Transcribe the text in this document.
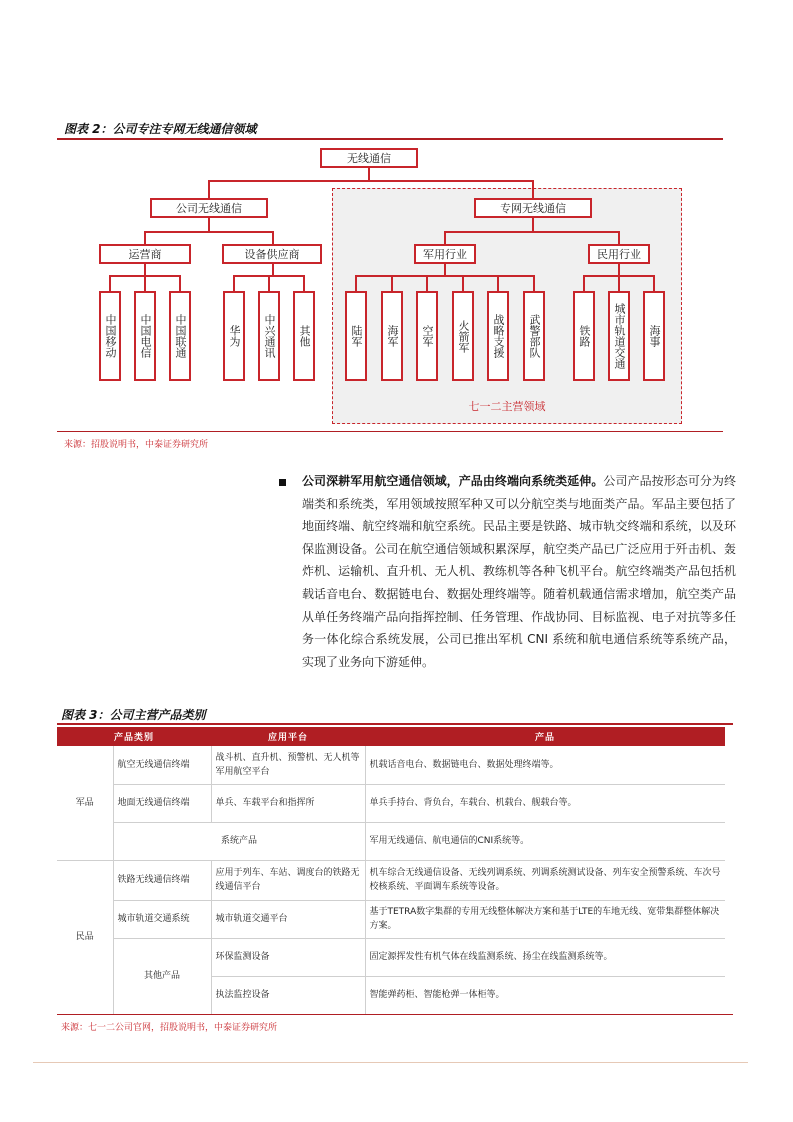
图表 2：公司专注专网无线通信领域
七一二主营领域
无线通信
公司无线通信	专网无线通信
运营商	设备供应商	军用行业	民用行业
中国移动	中国电信	中国联通	华为	中兴通讯	其他	陆军	海军	空军	火箭军	战略支援	武警部队	铁路	城市轨道交通	海事
来源：招股说明书，中泰证券研究所
公司深耕军用航空通信领域，产品由终端向系统类延伸。公司产品按形态可分为终端类和系统类，军用领域按照军种又可以分航空类与地面类产品。军品主要包括了地面终端、航空终端和航空系统。民品主要是铁路、城市轨交终端和系统，以及环保监测设备。公司在航空通信领域积累深厚，航空类产品已广泛应用于歼击机、轰炸机、运输机、直升机、无人机、教练机等各种飞机平台。航空终端类产品包括机载话音电台、数据链电台、数据处理终端等。随着机载通信需求增加，航空类产品从单任务终端产品向指挥控制、任务管理、作战协同、目标监视、电子对抗等多任务一体化综合系统发展，公司已推出军机 CNI 系统和航电通信系统等系统产品，实现了业务向下游延伸。
图表 3：公司主营产品类别
产品类别		应用平台	产品
军品	航空无线通信终端	战斗机、直升机、预警机、无人机等军用航空平台	机载话音电台、数据链电台、数据处理终端等。
	地面无线通信终端	单兵、车载平台和指挥所	单兵手持台、背负台，车载台、机载台、舰载台等。
	系统产品		军用无线通信、航电通信的CNI系统等。
民品	铁路无线通信终端	应用于列车、车站、调度台的铁路无线通信平台	机车综合无线通信设备、无线列调系统、列调系统测试设备、列车安全预警系统、车次号校核系统、平面调车系统等设备。
	城市轨道交通系统	城市轨道交通平台	基于TETRA数字集群的专用无线整体解决方案和基于LTE的车地无线、宽带集群整体解决方案。
	其他产品	环保监测设备	固定源挥发性有机气体在线监测系统、扬尘在线监测系统等。
		执法监控设备	智能弹药柜、智能枪弹一体柜等。
来源：七一二公司官网，招股说明书，中泰证券研究所
